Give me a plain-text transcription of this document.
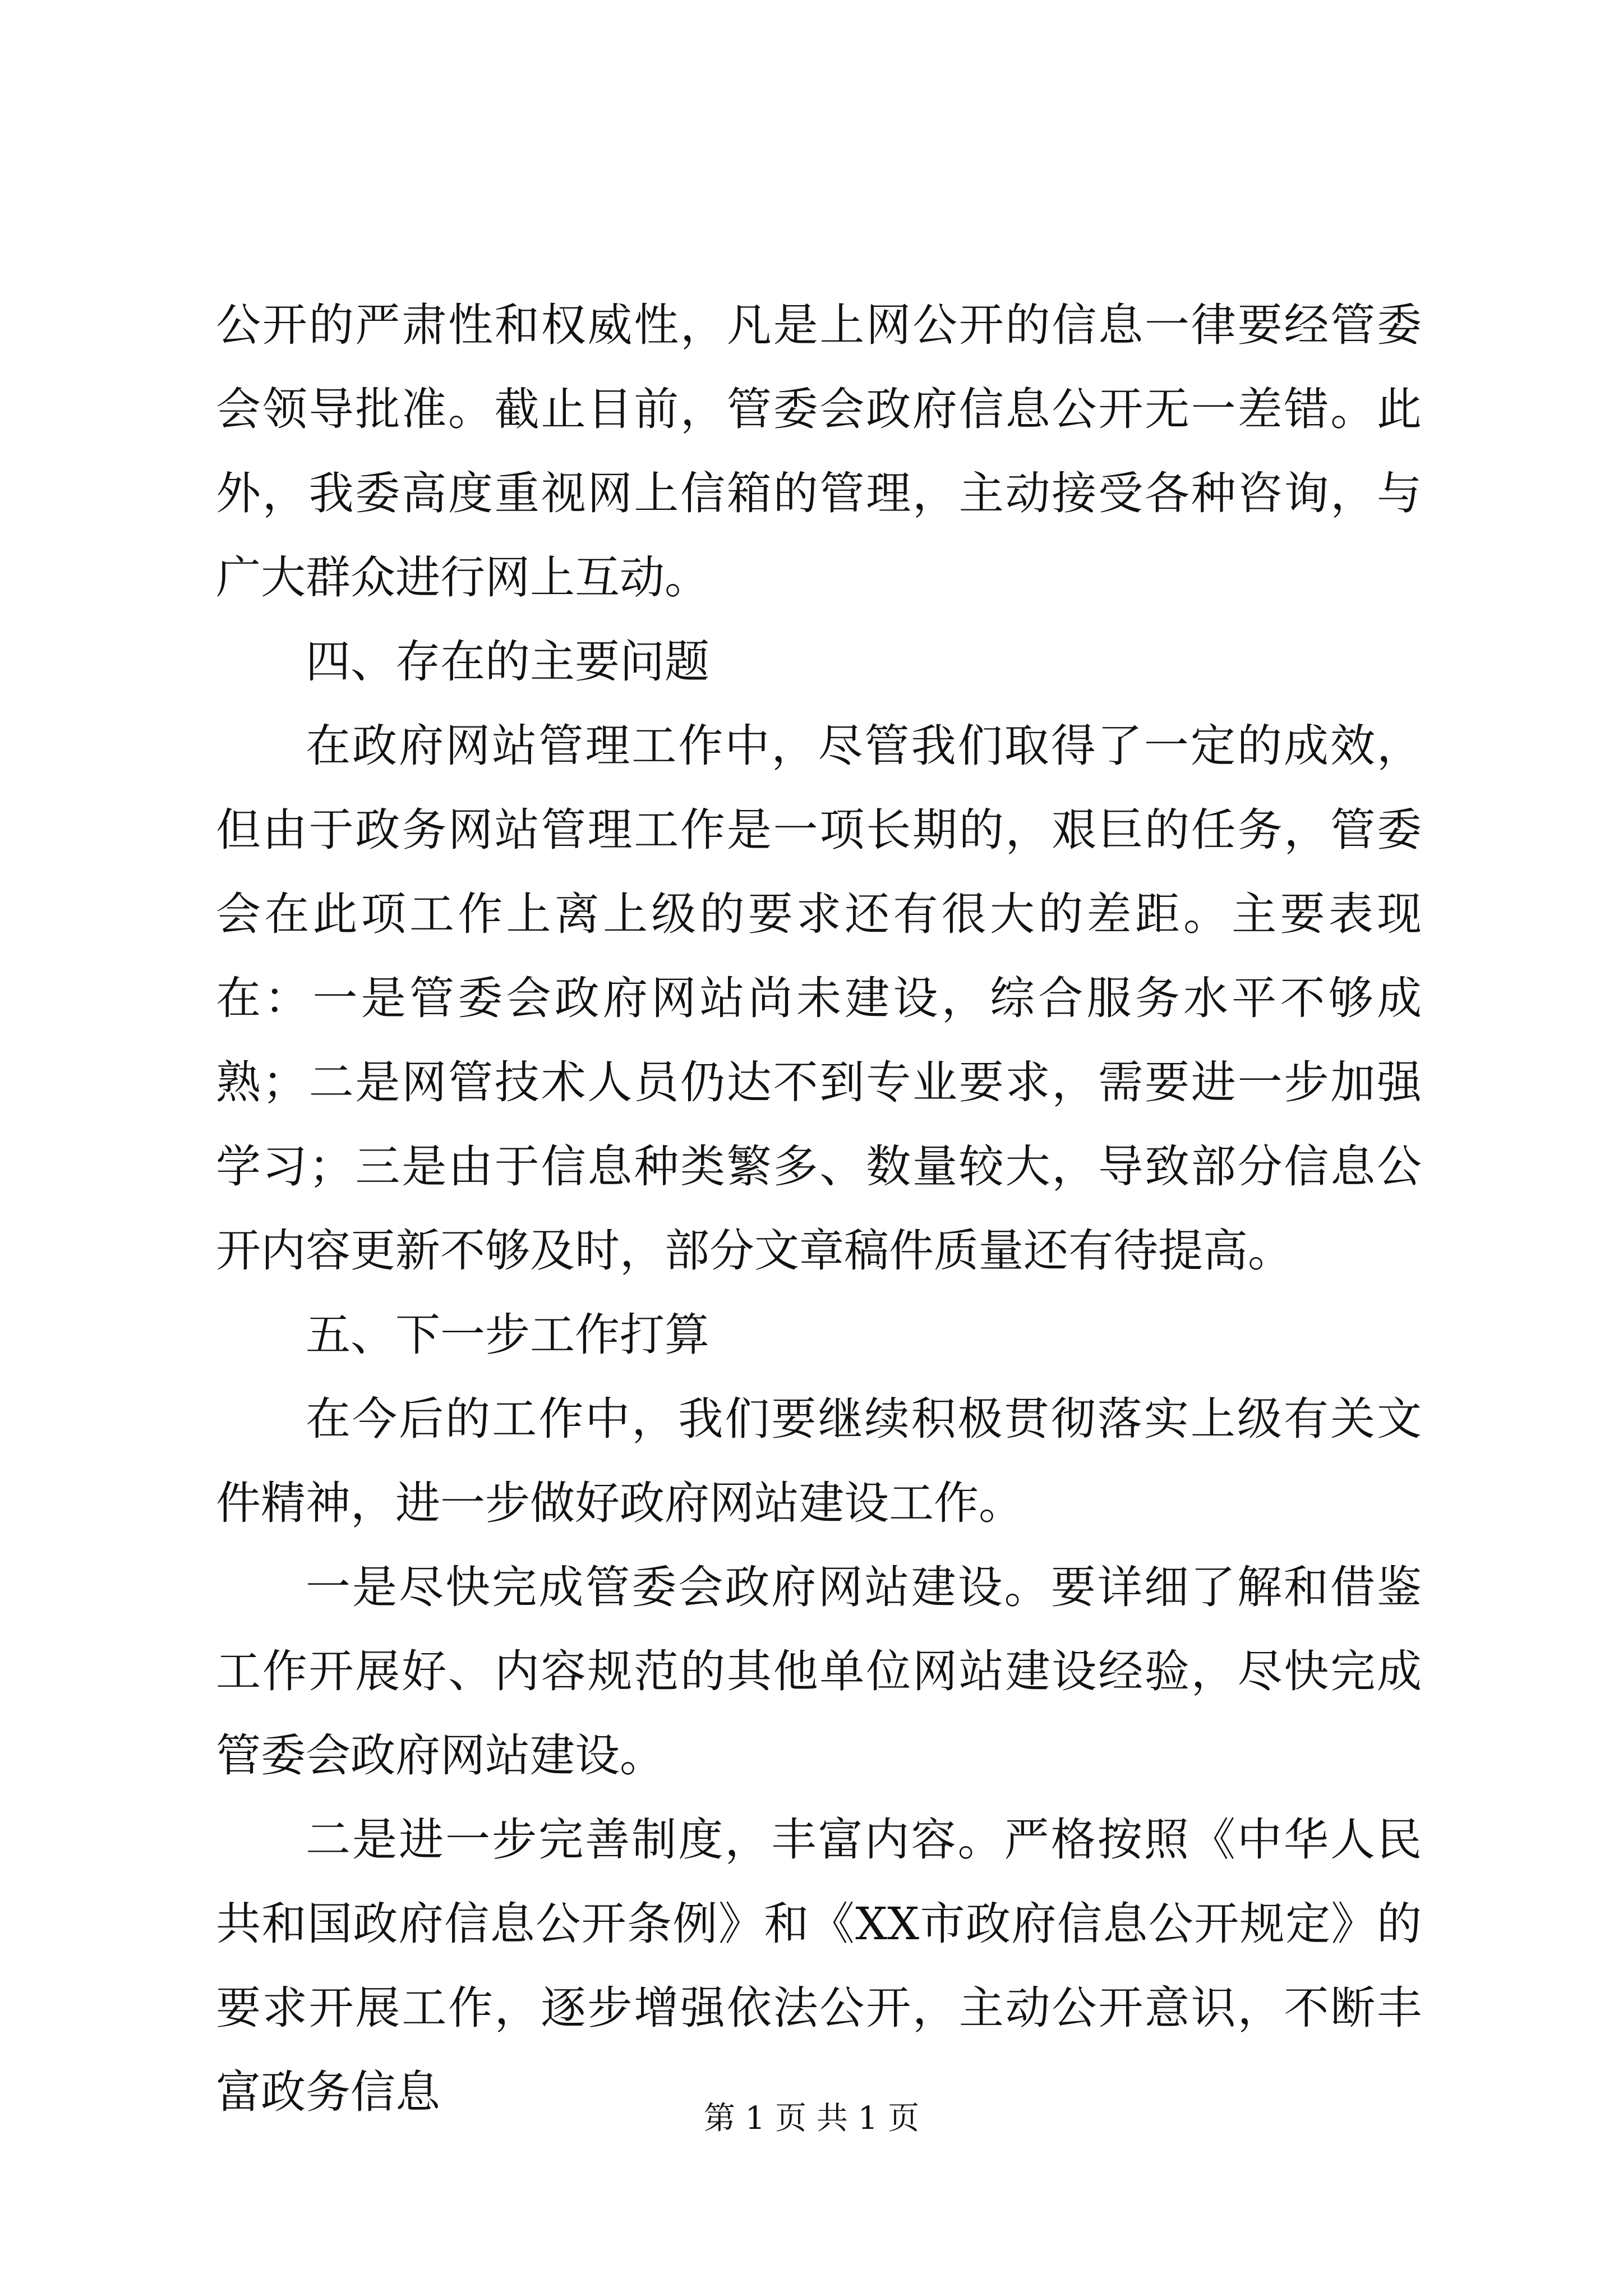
公开的严肃性和权威性，凡是上网公开的信息一律要经管委会领导批准。截止目前，管委会政府信息公开无一差错。此外，我委高度重视网上信箱的管理，主动接受各种咨询，与广大群众进行网上互动。

四、存在的主要问题

在政府网站管理工作中，尽管我们取得了一定的成效，但由于政务网站管理工作是一项长期的，艰巨的任务，管委会在此项工作上离上级的要求还有很大的差距。主要表现在：一是管委会政府网站尚未建设，综合服务水平不够成熟；二是网管技术人员仍达不到专业要求，需要进一步加强学习；三是由于信息种类繁多、数量较大，导致部分信息公开内容更新不够及时，部分文章稿件质量还有待提高。

五、下一步工作打算

在今后的工作中，我们要继续积极贯彻落实上级有关文件精神，进一步做好政府网站建设工作。

一是尽快完成管委会政府网站建设。要详细了解和借鉴工作开展好、内容规范的其他单位网站建设经验，尽快完成管委会政府网站建设。

二是进一步完善制度，丰富内容。严格按照《中华人民共和国政府信息公开条例》和《XX市政府信息公开规定》的要求开展工作，逐步增强依法公开，主动公开意识，不断丰富政务信息

第 1 页 共 1 页
